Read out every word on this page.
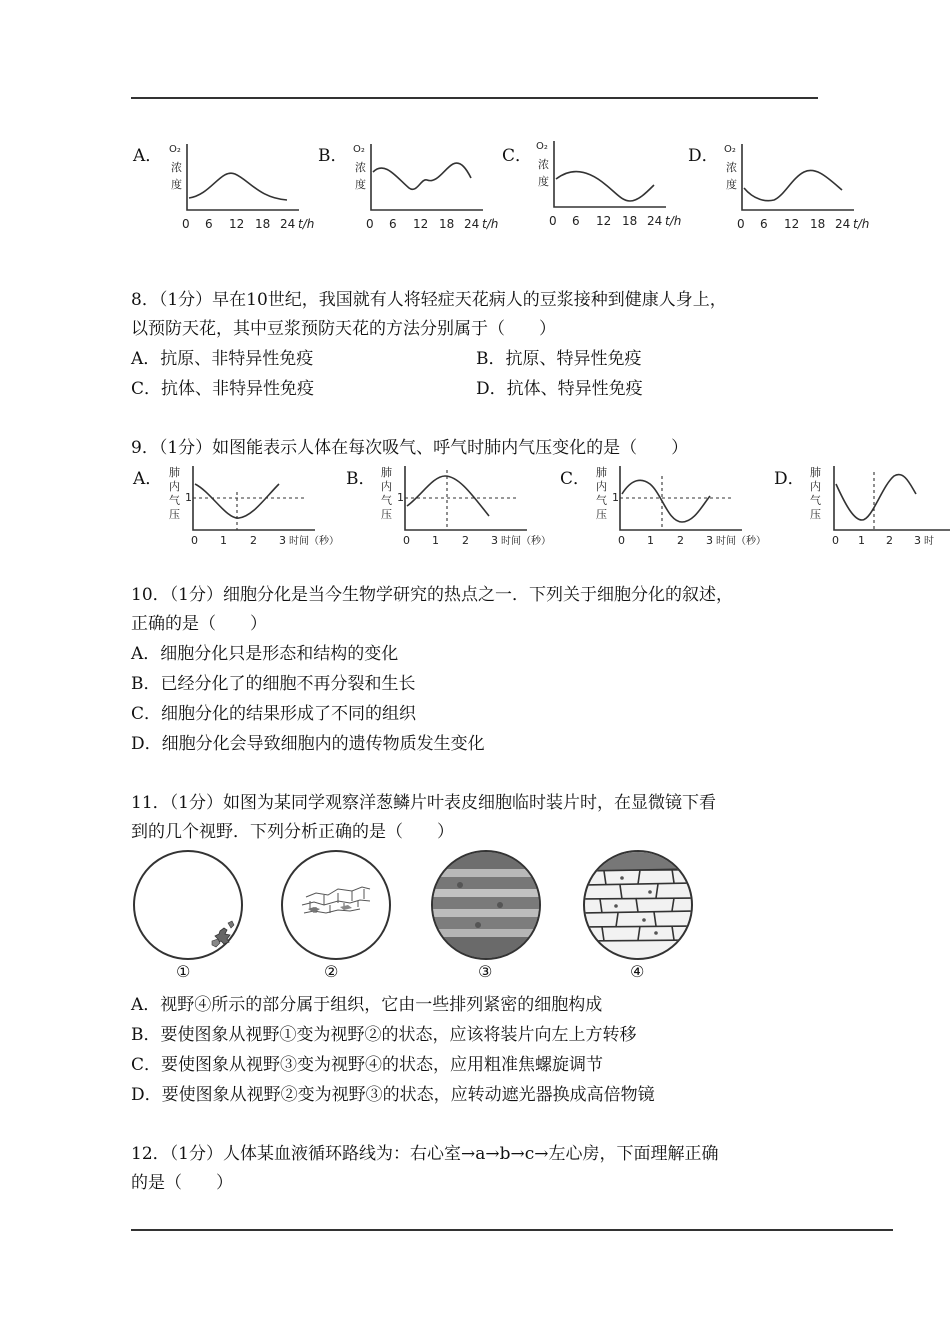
A． O₂
浓
度
0 6 12 18 24 t/h
B． O₂
浓
度
0 6 12 18 24 t/h
C． O₂
浓
度
0 6 12 18 24 t/h
D． O₂
浓
度
0 6 12 18 24 t/h
8．（1分）早在10世纪，我国就有人将轻症天花病人的豆浆接种到健康人身上，
以预防天花，其中豆浆预防天花的方法分别属于（　　）
A．抗原、非特异性免疫	B．抗原、特异性免疫
C．抗体、非特异性免疫	D．抗体、特异性免疫
9．（1分）如图能表示人体在每次吸气、呼气时肺内气压变化的是（　　）
A． 肺
内
气
压
1
0 1 2 3 时间（秒）
B． 肺
内
气
压
1
0 1 2 3 时间（秒）
C． 肺
内
气
压
1
0 1 2 3 时间（秒）
D． 肺
内
气
压
0 1 2 3 时
10．（1分）细胞分化是当今生物学研究的热点之一．下列关于细胞分化的叙述，
正确的是（　　）
A．细胞分化只是形态和结构的变化
B．已经分化了的细胞不再分裂和生长
C．细胞分化的结果形成了不同的组织
D．细胞分化会导致细胞内的遗传物质发生变化
11．（1分）如图为某同学观察洋葱鳞片叶表皮细胞临时装片时，在显微镜下看
到的几个视野．下列分析正确的是（　　）
①	②	③	④
A．视野④所示的部分属于组织，它由一些排列紧密的细胞构成
B．要使图象从视野①变为视野②的状态，应该将装片向左上方转移
C．要使图象从视野③变为视野④的状态，应用粗准焦螺旋调节
D．要使图象从视野②变为视野③的状态，应转动遮光器换成高倍物镜
12．（1分）人体某血液循环路线为：右心室→a→b→c→左心房，下面理解正确
的是（　　）
